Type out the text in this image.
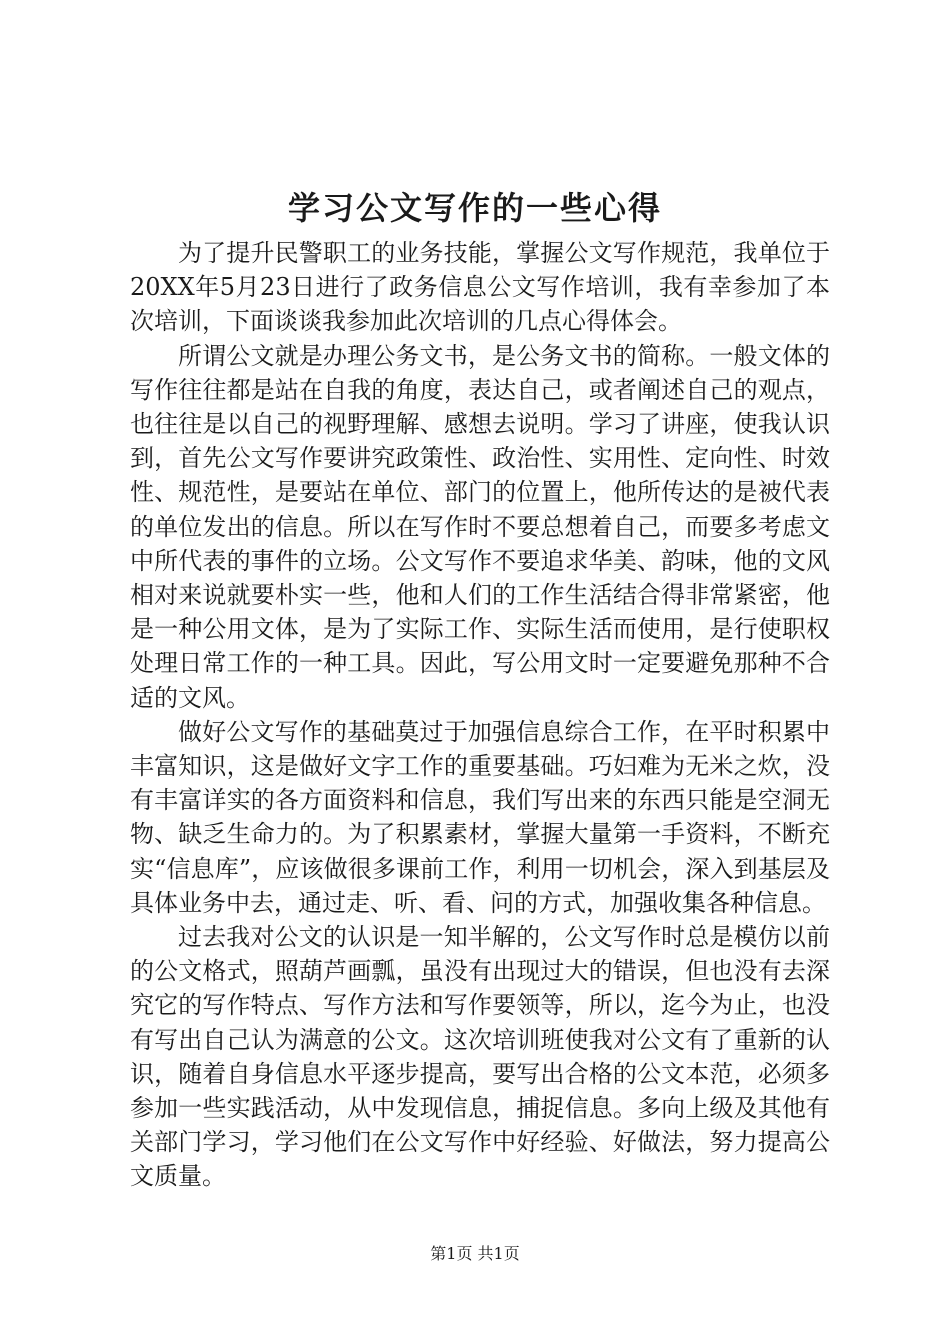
学习公文写作的一些心得

为了提升民警职工的业务技能，掌握公文写作规范，我单位于20XX年5月23日进行了政务信息公文写作培训，我有幸参加了本次培训，下面谈谈我参加此次培训的几点心得体会。

所谓公文就是办理公务文书，是公务文书的简称。一般文体的写作往往都是站在自我的角度，表达自己，或者阐述自己的观点，也往往是以自己的视野理解、感想去说明。学习了讲座，使我认识到，首先公文写作要讲究政策性、政治性、实用性、定向性、时效性、规范性，是要站在单位、部门的位置上，他所传达的是被代表的单位发出的信息。所以在写作时不要总想着自己，而要多考虑文中所代表的事件的立场。公文写作不要追求华美、韵味，他的文风相对来说就要朴实一些，他和人们的工作生活结合得非常紧密，他是一种公用文体，是为了实际工作、实际生活而使用，是行使职权处理日常工作的一种工具。因此，写公用文时一定要避免那种不合适的文风。

做好公文写作的基础莫过于加强信息综合工作，在平时积累中丰富知识，这是做好文字工作的重要基础。巧妇难为无米之炊，没有丰富详实的各方面资料和信息，我们写出来的东西只能是空洞无物、缺乏生命力的。为了积累素材，掌握大量第一手资料，不断充实“信息库”，应该做很多课前工作，利用一切机会，深入到基层及具体业务中去，通过走、听、看、问的方式，加强收集各种信息。

过去我对公文的认识是一知半解的，公文写作时总是模仿以前的公文格式，照葫芦画瓢，虽没有出现过大的错误，但也没有去深究它的写作特点、写作方法和写作要领等，所以，迄今为止，也没有写出自己认为满意的公文。这次培训班使我对公文有了重新的认识，随着自身信息水平逐步提高，要写出合格的公文本范，必须多参加一些实践活动，从中发现信息，捕捉信息。多向上级及其他有关部门学习，学习他们在公文写作中好经验、好做法，努力提高公文质量。

第1页 共1页
